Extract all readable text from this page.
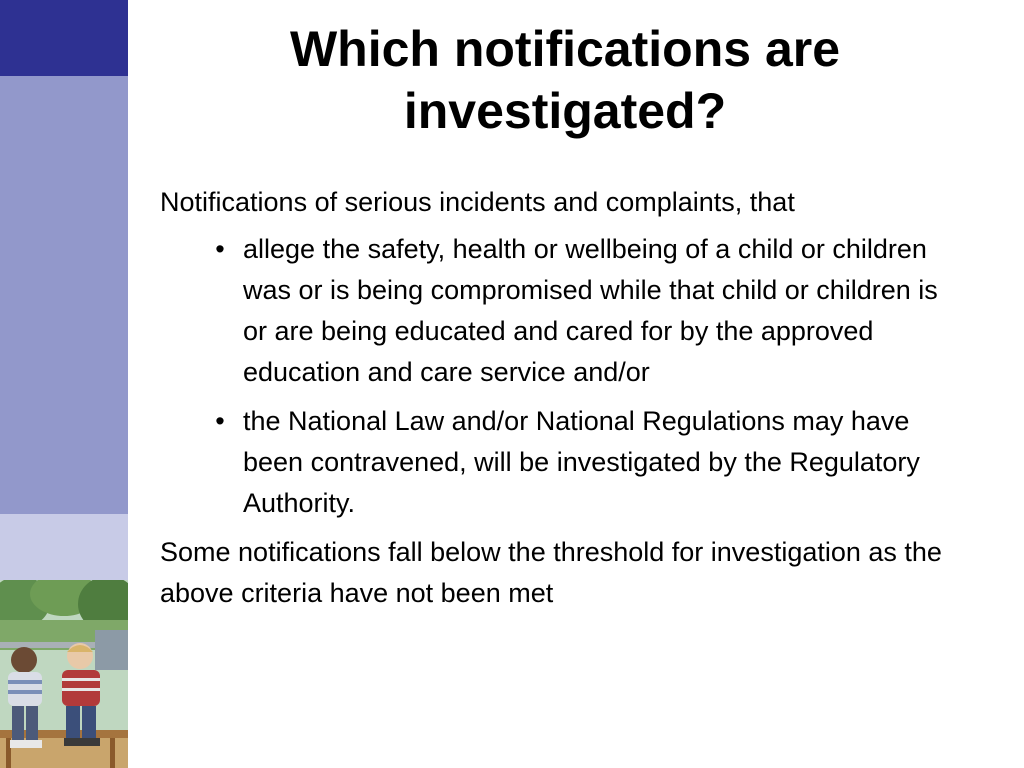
Which notifications are
investigated?

Notifications of serious incidents and complaints, that

• allege the safety, health or wellbeing of a child or children was or is being compromised while that child or children is or are being educated and cared for by the approved education and care service and/or
• the National Law and/or National Regulations may have been contravened, will be investigated by the Regulatory Authority.

Some notifications fall below the threshold for investigation as the above criteria have not been met
